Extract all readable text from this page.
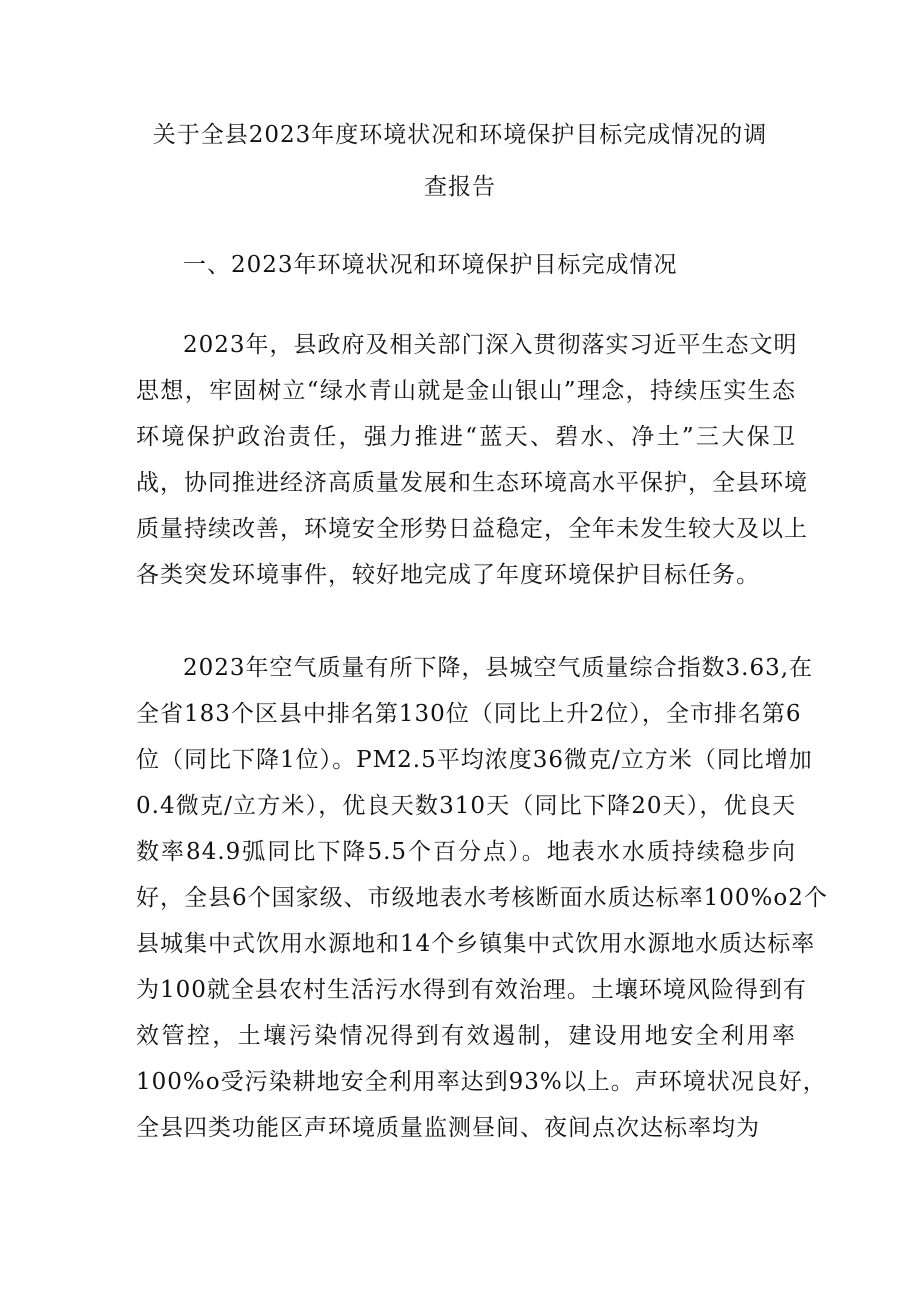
关于全县2023年度环境状况和环境保护目标完成情况的调
查报告
一、2023年环境状况和环境保护目标完成情况
2023年，县政府及相关部门深入贯彻落实习近平生态文明
思想，牢固树立“绿水青山就是金山银山”理念，持续压实生态
环境保护政治责任，强力推进“蓝天、碧水、净土”三大保卫
战，协同推进经济高质量发展和生态环境高水平保护，全县环境
质量持续改善，环境安全形势日益稳定，全年未发生较大及以上
各类突发环境事件，较好地完成了年度环境保护目标任务。
2023年空气质量有所下降，县城空气质量综合指数3.63,在
全省183个区县中排名第130位（同比上升2位），全市排名第6
位（同比下降1位）。PM2.5平均浓度36微克/立方米（同比增加
0.4微克/立方米），优良天数310天（同比下降20天），优良天
数率84.9弧同比下降5.5个百分点）。地表水水质持续稳步向
好，全县6个国家级、市级地表水考核断面水质达标率100%o2个
县城集中式饮用水源地和14个乡镇集中式饮用水源地水质达标率
为100就全县农村生活污水得到有效治理。土壤环境风险得到有
效管控，土壤污染情况得到有效遏制，建设用地安全利用率
100%o受污染耕地安全利用率达到93%以上。声环境状况良好，
全县四类功能区声环境质量监测昼间、夜间点次达标率均为
